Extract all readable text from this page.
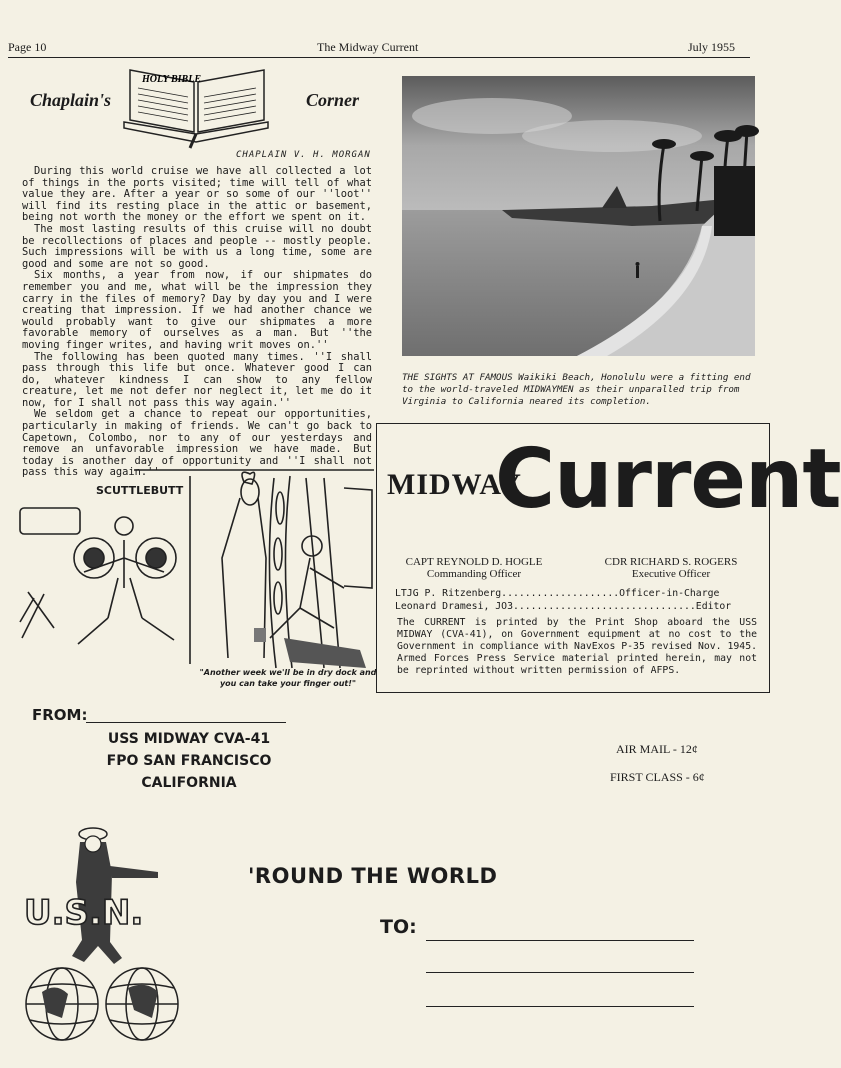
Page 10	The Midway Current	July 1955
Chaplain's
HOLY BIBLE
Corner
CHAPLAIN V. H. MORGAN

During this world cruise we have all collected a lot of things in the ports visited; time will tell of what value they are. After a year or so some of our ''loot'' will find its resting place in the attic or basement, being not worth the money or the effort we spent on it.

The most lasting results of this cruise will no doubt be recollections of places and people -- mostly people. Such impressions will be with us a long time, some are good and some are not so good.

Six months, a year from now, if our shipmates do remember you and me, what will be the impression they carry in the files of memory? Day by day you and I were creating that impression. If we had another chance we would probably want to give our shipmates a more favorable memory of ourselves as a man. But ''the moving finger writes, and having writ moves on.''

The following has been quoted many times. ''I shall pass through this life but once. Whatever good I can do, whatever kindness I can show to any fellow creature, let me not defer nor neglect it, let me do it now, for I shall not pass this way again.''

We seldom get a chance to repeat our opportunities, particularly in making of friends. We can't go back to Capetown, Colombo, nor to any of our yesterdays and remove an unfavorable impression we have made. But today is another day of opportunity and ''I shall not pass this way again.''

THE SIGHTS AT FAMOUS Waikiki Beach, Honolulu were a fitting end to the world-traveled MIDWAYMEN as their unparalled trip from Virginia to California neared its completion.
MIDWAY
Current
CAPT REYNOLD D. HOGLE
Commanding Officer
CDR RICHARD S. ROGERS
Executive Officer
LTJG P. Ritzenberg....................Officer-in-Charge
Leonard Dramesi, JO3...............................Editor
The CURRENT is printed by the Print Shop aboard the USS MIDWAY (CVA-41), on Government equipment at no cost to the Government in compliance with NavExos P-35 revised Nov. 1945. Armed Forces Press Service material printed herein, may not be reprinted without written permission of AFPS.
SCUTTLEBUTT
"Another week we'll be in dry dock and you can take your finger out!"
FROM:
USS MIDWAY CVA-41
FPO SAN FRANCISCO
CALIFORNIA
AIR MAIL - 12¢
FIRST CLASS - 6¢
U.S.N.
'ROUND THE WORLD
TO:
